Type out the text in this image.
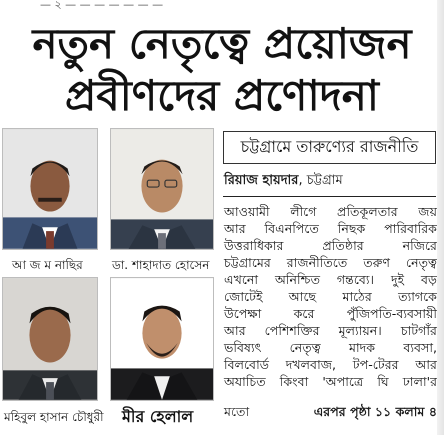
— ২ — — — — — — —
নতুন নেতৃত্বে প্রয়োজন
প্রবীণদের প্রণোদনা
আ জ ম নাছির ডা. শাহাদাত হোসেন
মহিবুল হাসান চৌধুরী মীর হেলাল
চট্টগ্রামে তারুণ্যের রাজনীতি
রিয়াজ হায়দার, চট্টগ্রাম
আওয়ামী লীগে প্রতিকূলতার জয়
আর বিএনপিতে নিছক পারিবারিক
উত্তরাধিকার প্রতিষ্ঠার নজিরে
চট্টগ্রামের রাজনীতিতে তরুণ নেতৃত্ব
এখনো অনিশ্চিত গন্তব্যে। দুই বড়
জোটেই আছে মাঠের ত্যাগকে
উপেক্ষা করে পুঁজিপতি-ব্যবসায়ী
আর পেশিশক্তির মূল্যায়ন। চাটগাঁর
ভবিষ্যৎ নেতৃত্ব মাদক ব্যবসা,
বিলবোর্ড দখলবাজ, টপ-টেরর আর
অযাচিত কিংবা 'অপাত্রে ঘি ঢালা'র
মতো	এরপর পৃষ্ঠা ১১ কলাম ৪
